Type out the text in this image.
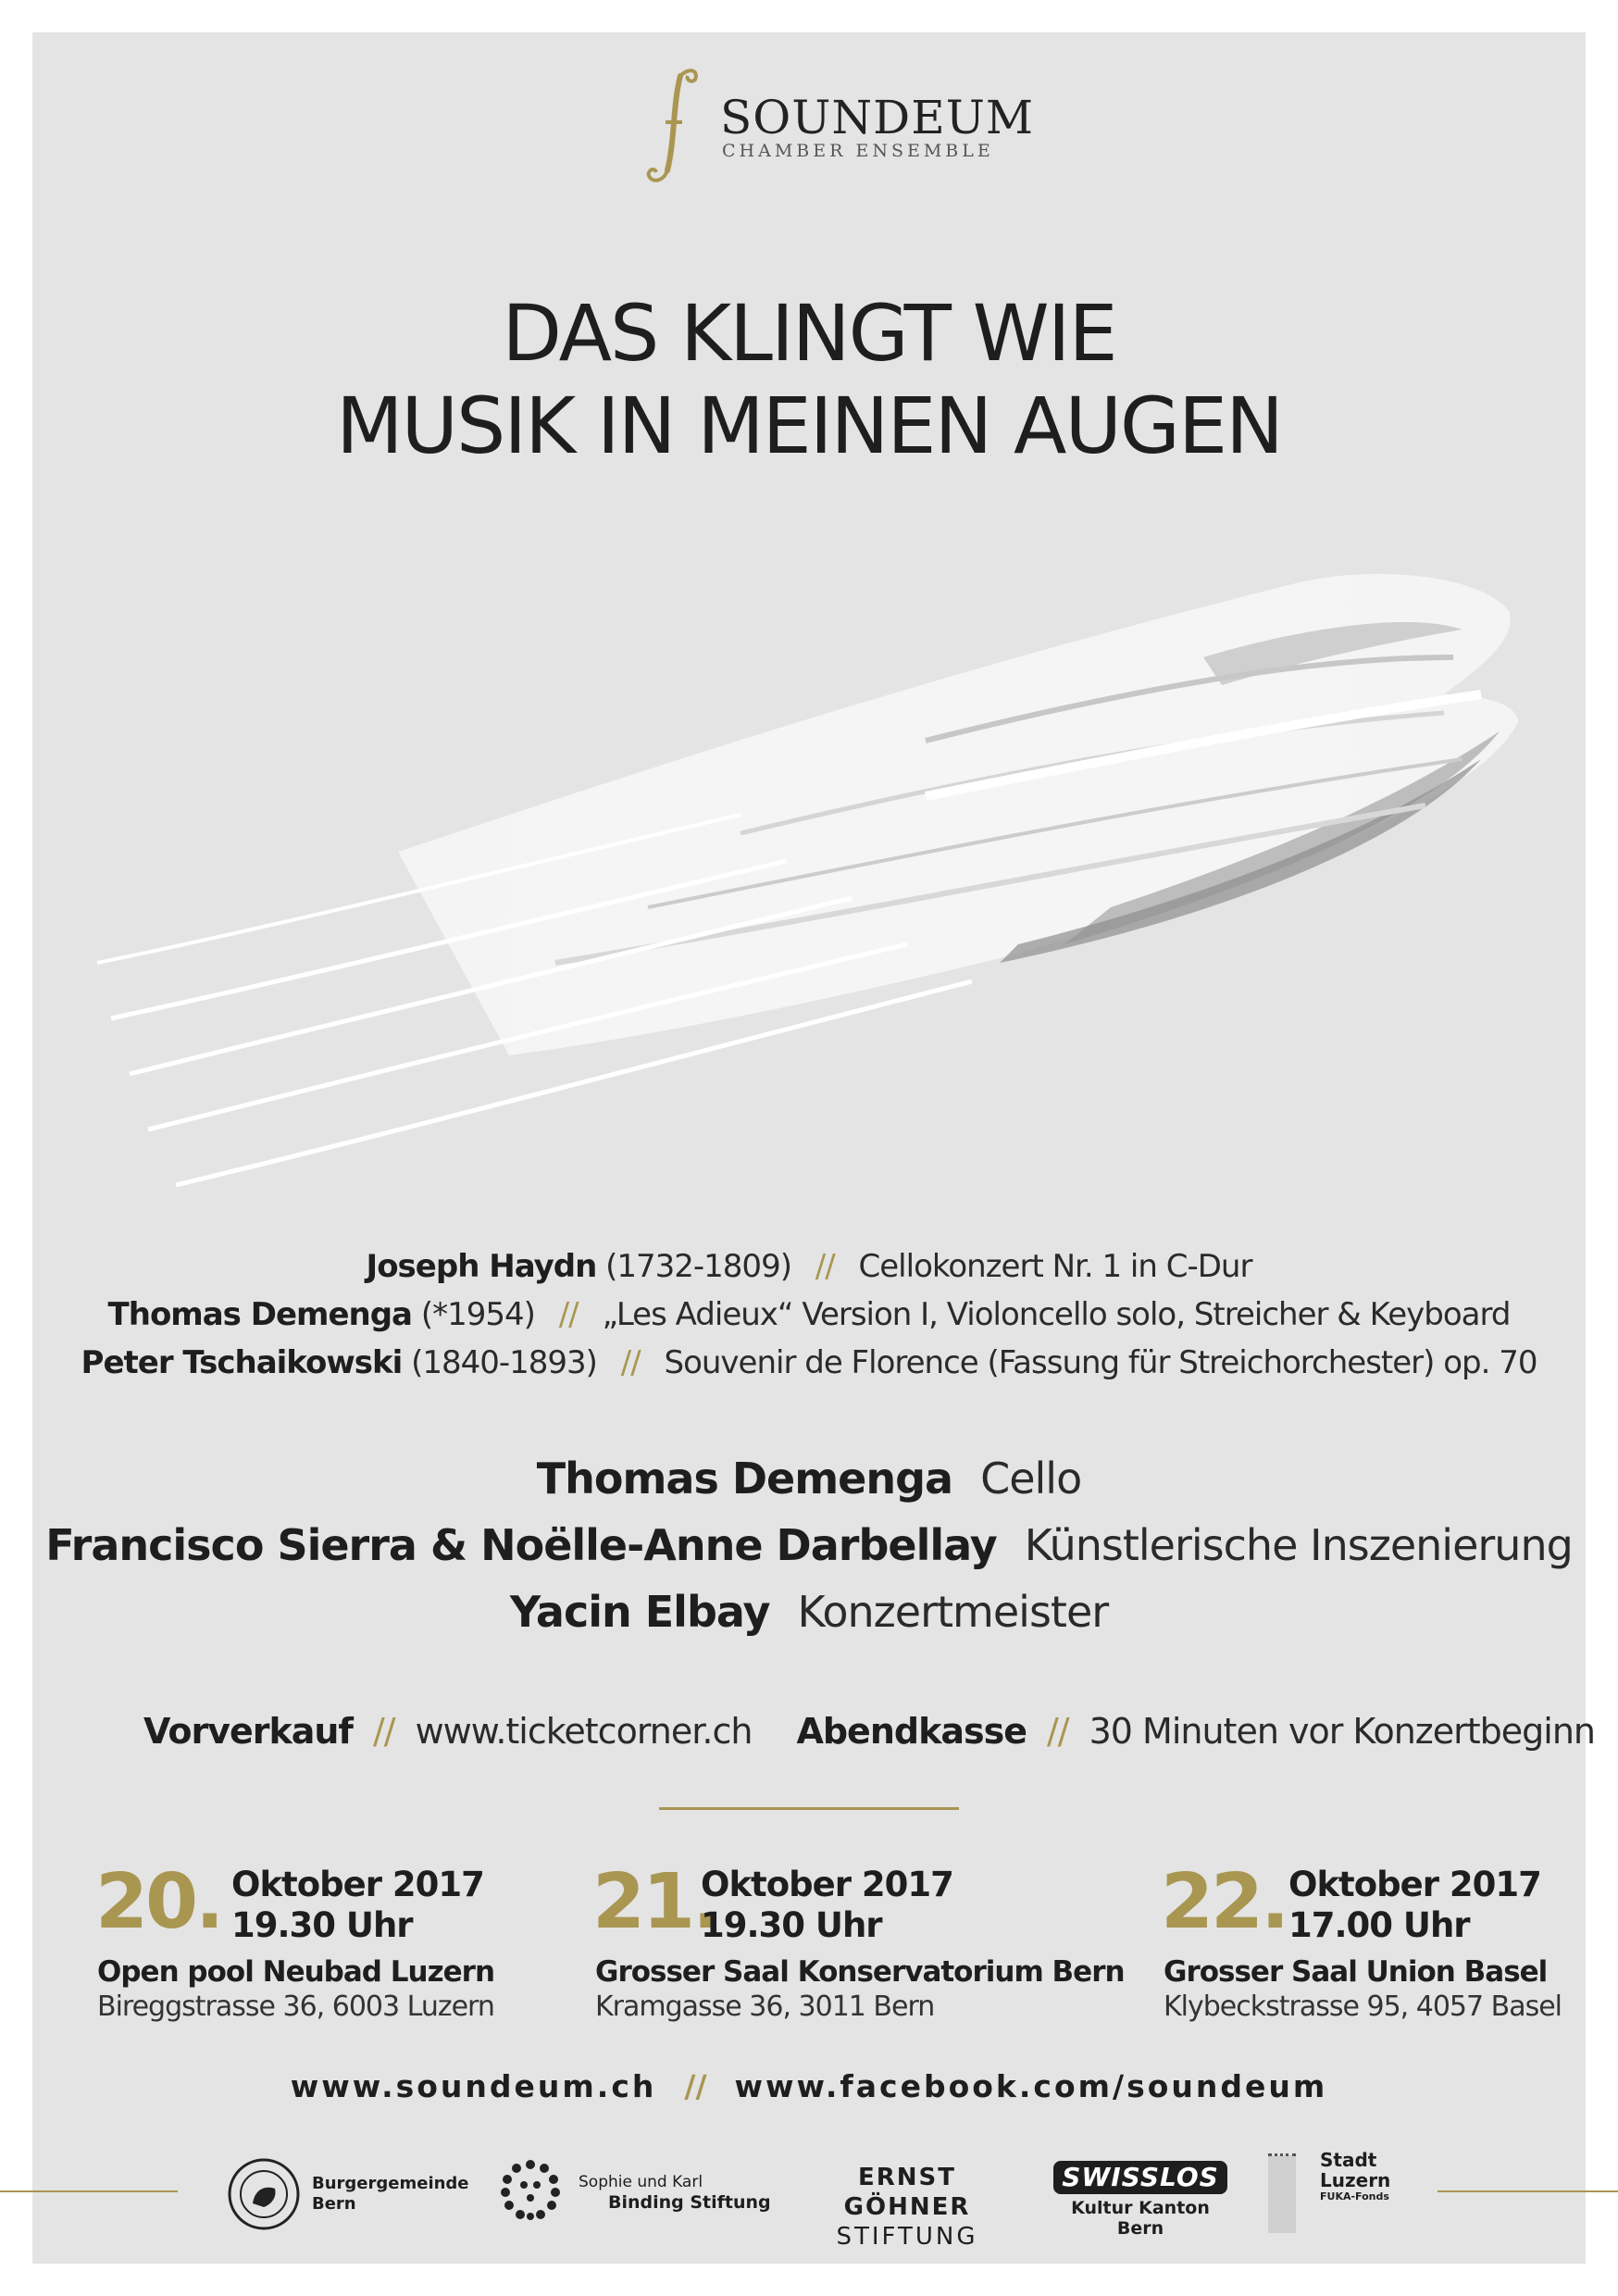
SOUNDEUM
CHAMBER ENSEMBLE
DAS KLINGT WIE
MUSIK IN MEINEN AUGEN
Joseph Haydn (1732-1809) // Cellokonzert Nr. 1 in C-Dur
Thomas Demenga (*1954) // „Les Adieux“ Version I, Violoncello solo, Streicher & Keyboard
Peter Tschaikowski (1840-1893) // Souvenir de Florence (Fassung für Streichorchester) op. 70
Thomas Demenga Cello
Francisco Sierra & Noëlle-Anne Darbellay Künstlerische Inszenierung
Yacin Elbay Konzertmeister
Vorverkauf // www.ticketcorner.ch Abendkasse // 30 Minuten vor Konzertbeginn
20. Oktober 2017
19.30 Uhr
Open pool Neubad Luzern
Bireggstrasse 36, 6003 Luzern
21.
Oktober 2017
19.30 Uhr
Grosser Saal Konservatorium Bern
Kramgasse 36, 3011 Bern
22. Oktober 2017
17.00 Uhr
Grosser Saal Union Basel
Klybeckstrasse 95, 4057 Basel
www.soundeum.ch // www.facebook.com/soundeum
Burgergemeinde
Bern
Sophie und Karl
Binding Stiftung
ERNST GÖHNER
STIFTUNG
SWISSLOS
Kultur Kanton Bern
Stadt
Luzern
FUKA-Fonds
